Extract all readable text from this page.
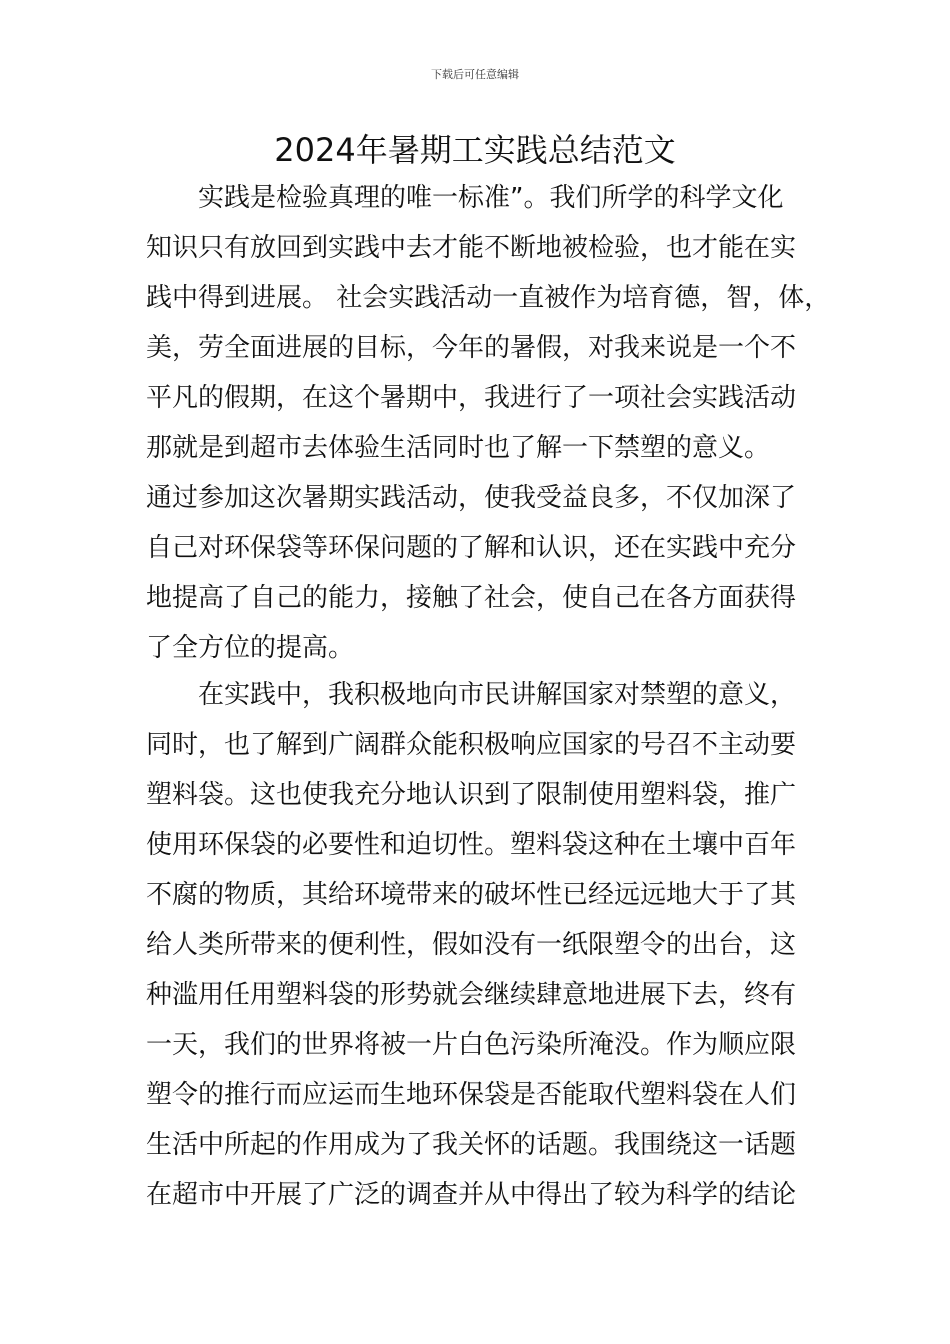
下载后可任意编辑
2024年暑期工实践总结范文
　　实践是检验真理的唯一标准”。我们所学的科学文化
知识只有放回到实践中去才能不断地被检验，也才能在实
践中得到进展。 社会实践活动一直被作为培育德，智，体，
美，劳全面进展的目标，今年的暑假，对我来说是一个不
平凡的假期，在这个暑期中，我进行了一项社会实践活动
那就是到超市去体验生活同时也了解一下禁塑的意义。
通过参加这次暑期实践活动，使我受益良多，不仅加深了
自己对环保袋等环保问题的了解和认识，还在实践中充分
地提高了自己的能力，接触了社会，使自己在各方面获得
了全方位的提高。
　　在实践中，我积极地向市民讲解国家对禁塑的意义，
同时，也了解到广阔群众能积极响应国家的号召不主动要
塑料袋。这也使我充分地认识到了限制使用塑料袋，推广
使用环保袋的必要性和迫切性。塑料袋这种在土壤中百年
不腐的物质，其给环境带来的破坏性已经远远地大于了其
给人类所带来的便利性，假如没有一纸限塑令的出台，这
种滥用任用塑料袋的形势就会继续肆意地进展下去，终有
一天，我们的世界将被一片白色污染所淹没。作为顺应限
塑令的推行而应运而生地环保袋是否能取代塑料袋在人们
生活中所起的作用成为了我关怀的话题。我围绕这一话题
在超市中开展了广泛的调查并从中得出了较为科学的结论
